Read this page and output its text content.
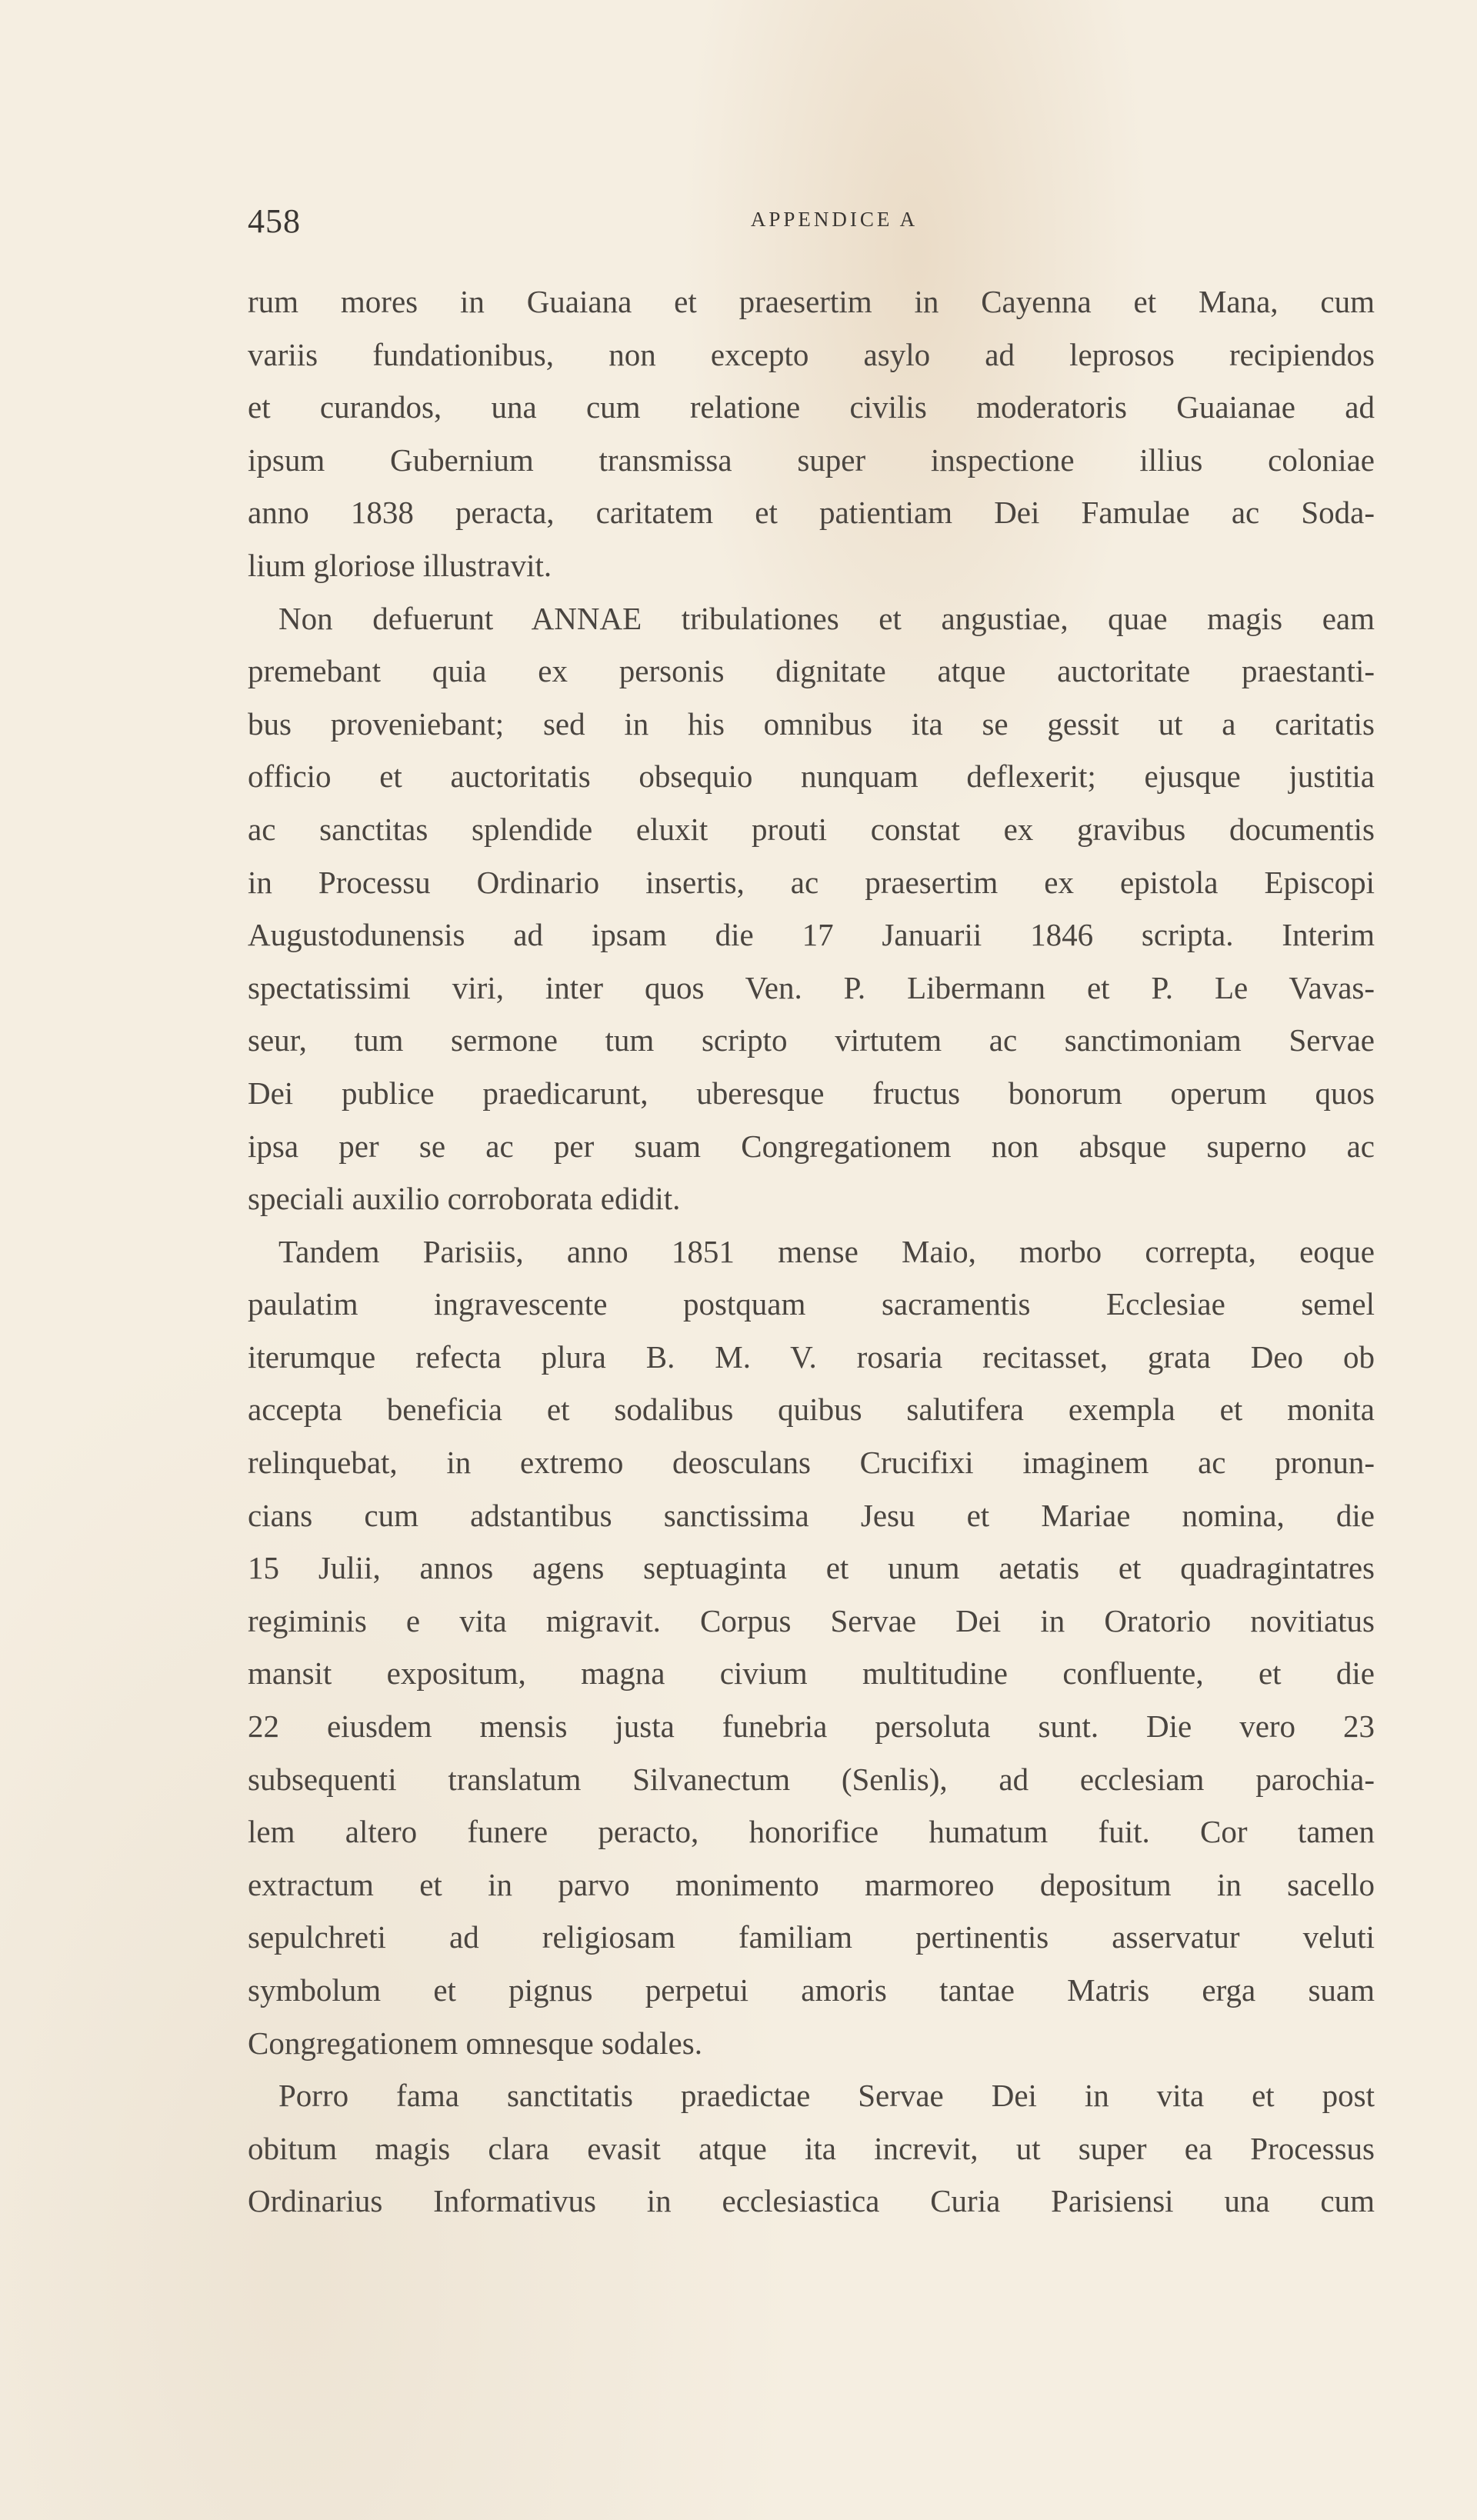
458	APPENDICE A
rum mores in Guaiana et praesertim in Cayenna et Mana, cum
variis fundationibus, non excepto asylo ad leprosos recipiendos
et curandos, una cum relatione civilis moderatoris Guaianae ad
ipsum Gubernium transmissa super inspectione illius coloniae
anno 1838 peracta, caritatem et patientiam Dei Famulae ac Soda-
lium gloriose illustravit.
Non defuerunt ANNAE tribulationes et angustiae, quae magis eam
premebant quia ex personis dignitate atque auctoritate praestanti-
bus proveniebant; sed in his omnibus ita se gessit ut a caritatis
officio et auctoritatis obsequio nunquam deflexerit; ejusque justitia
ac sanctitas splendide eluxit prouti constat ex gravibus documentis
in Processu Ordinario insertis, ac praesertim ex epistola Episcopi
Augustodunensis ad ipsam die 17 Januarii 1846 scripta. Interim
spectatissimi viri, inter quos Ven. P. Libermann et P. Le Vavas-
seur, tum sermone tum scripto virtutem ac sanctimoniam Servae
Dei publice praedicarunt, uberesque fructus bonorum operum quos
ipsa per se ac per suam Congregationem non absque superno ac
speciali auxilio corroborata edidit.
Tandem Parisiis, anno 1851 mense Maio, morbo correpta, eoque
paulatim ingravescente postquam sacramentis Ecclesiae semel
iterumque refecta plura B. M. V. rosaria recitasset, grata Deo ob
accepta beneficia et sodalibus quibus salutifera exempla et monita
relinquebat, in extremo deosculans Crucifixi imaginem ac pronun-
cians cum adstantibus sanctissima Jesu et Mariae nomina, die
15 Julii, annos agens septuaginta et unum aetatis et quadragintatres
regiminis e vita migravit. Corpus Servae Dei in Oratorio novitiatus
mansit expositum, magna civium multitudine confluente, et die
22 eiusdem mensis justa funebria persoluta sunt. Die vero 23
subsequenti translatum Silvanectum (Senlis), ad ecclesiam parochia-
lem altero funere peracto, honorifice humatum fuit. Cor tamen
extractum et in parvo monimento marmoreo depositum in sacello
sepulchreti ad religiosam familiam pertinentis asservatur veluti
symbolum et pignus perpetui amoris tantae Matris erga suam
Congregationem omnesque sodales.
Porro fama sanctitatis praedictae Servae Dei in vita et post
obitum magis clara evasit atque ita increvit, ut super ea Processus
Ordinarius Informativus in ecclesiastica Curia Parisiensi una cum
